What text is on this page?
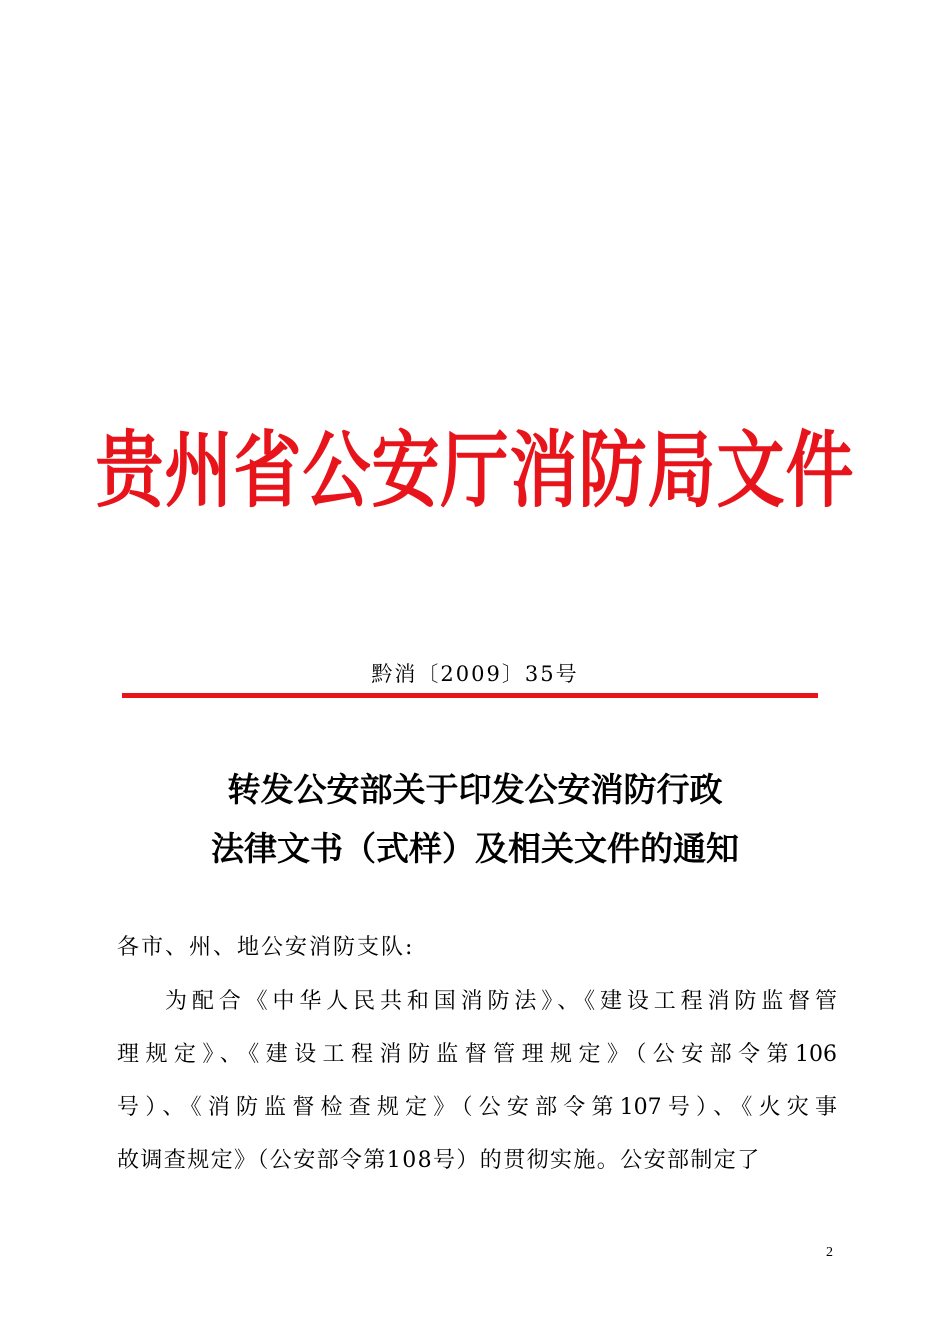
贵州省公安厅消防局文件
黔消〔2009〕35号
转发公安部关于印发公安消防行政
法律文书（式样）及相关文件的通知
各市、州、地公安消防支队:
为配合《中华人民共和国消防法》、《建设工程消防监督管
理规定》、《建设工程消防监督管理规定》（公安部令第106
号）、《消防监督检查规定》（公安部令第107号）、《火灾事
故调查规定》（公安部令第108号）的贯彻实施。公安部制定了
2
